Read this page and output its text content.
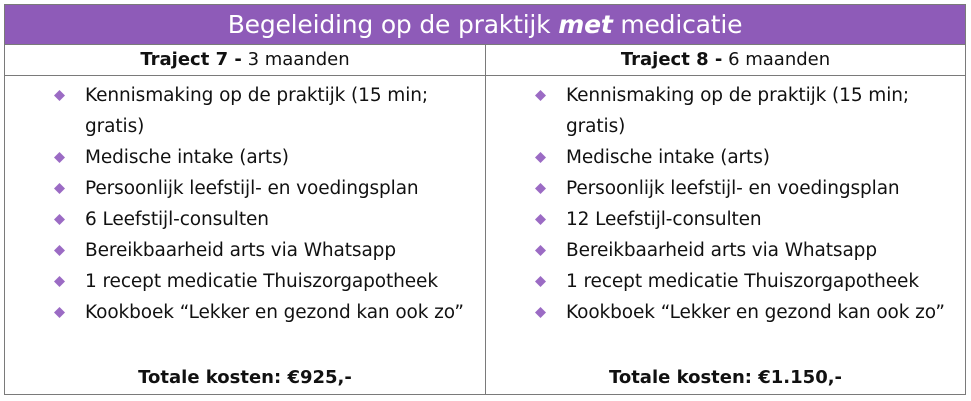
Begeleiding op de praktijk met medicatie
Traject 7 - 3 maanden
Kennismaking op de praktijk (15 min; gratis)
Medische intake (arts)
Persoonlijk leefstijl- en voedingsplan
6 Leefstijl-consulten
Bereikbaarheid arts via Whatsapp
1 recept medicatie Thuiszorgapotheek
Kookboek “Lekker en gezond kan ook zo”
Totale kosten: €925,-
Traject 8 - 6 maanden
Kennismaking op de praktijk (15 min; gratis)
Medische intake (arts)
Persoonlijk leefstijl- en voedingsplan
12 Leefstijl-consulten
Bereikbaarheid arts via Whatsapp
1 recept medicatie Thuiszorgapotheek
Kookboek “Lekker en gezond kan ook zo”
Totale kosten: €1.150,-
